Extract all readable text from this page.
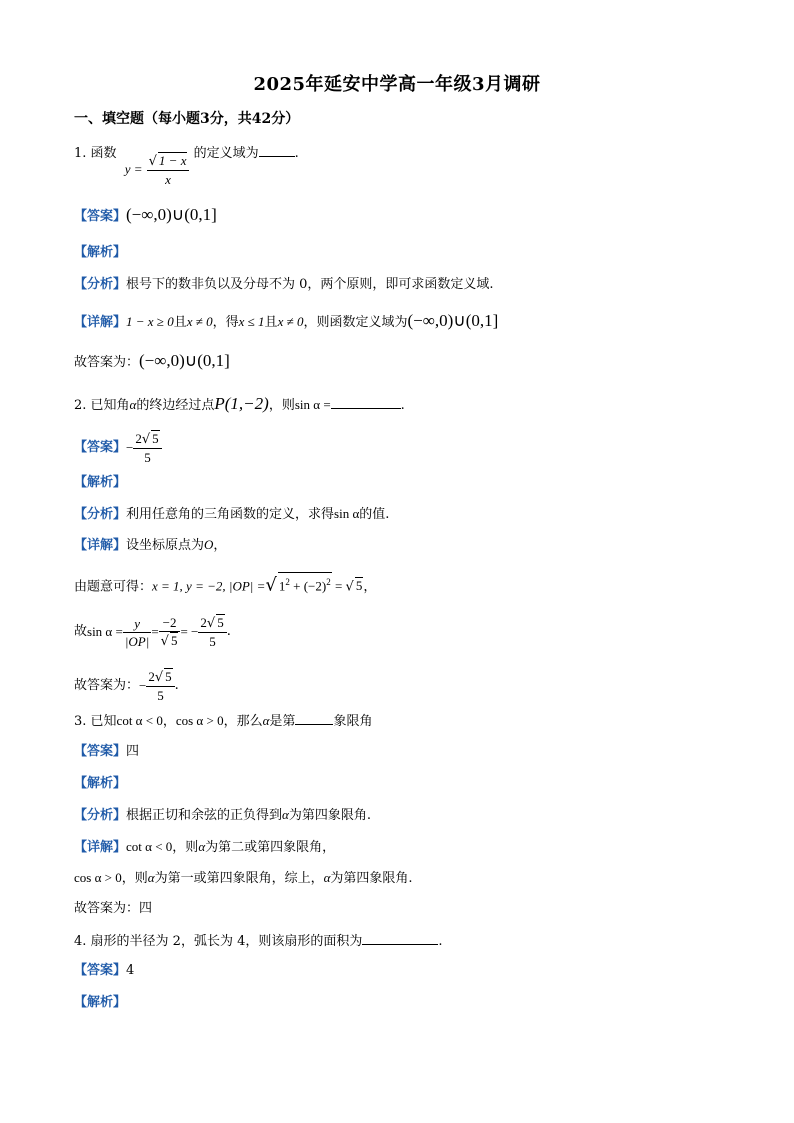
2025年延安中学高一年级3月调研
一、填空题（每小题3分，共42分）
1. 函数 $y = \frac{√ 1 - x}{x}$ 的定义域为	.
【答案】(−∞,0)∪(0,1]
【解析】
【分析】根号下的数非负以及分母不为 0，两个原则，即可求函数定义域.
【详解】1 − x ≥ 0且x ≠ 0，得x ≤ 1且x ≠ 0，则函数定义域为(−∞,0)∪(0,1]
故答案为：(−∞,0)∪(0,1]
2. 已知角α的终边经过点P(1,−2)，则sin α =	.
【答案】− $\frac{2√ 5}{5}$
【解析】
【分析】利用任意角的三角函数的定义，求得sin α的值.
【详解】设坐标原点为O，
由题意可得：x = 1, y = −2, |OP| =√ $1^2 + (-2)^2$ = √ 5，
故$\sin \alpha = \frac{y}{|OP|} = \frac{-2}{√ 5}$ = − $\frac{2√ 5}{5}$ .
故答案为：− $\frac{2√ 5}{5}$ .
3. 已知cot α < 0，cos α > 0，那么α是第	象限角
【答案】四
【解析】
【分析】根据正切和余弦的正负得到α为第四象限角.
【详解】cot α < 0，则α为第二或第四象限角，
cos α > 0，则α为第一或第四象限角，综上，α为第四象限角.
故答案为：四
4. 扇形的半径为 2，弧长为 4，则该扇形的面积为	.
【答案】4
【解析】
